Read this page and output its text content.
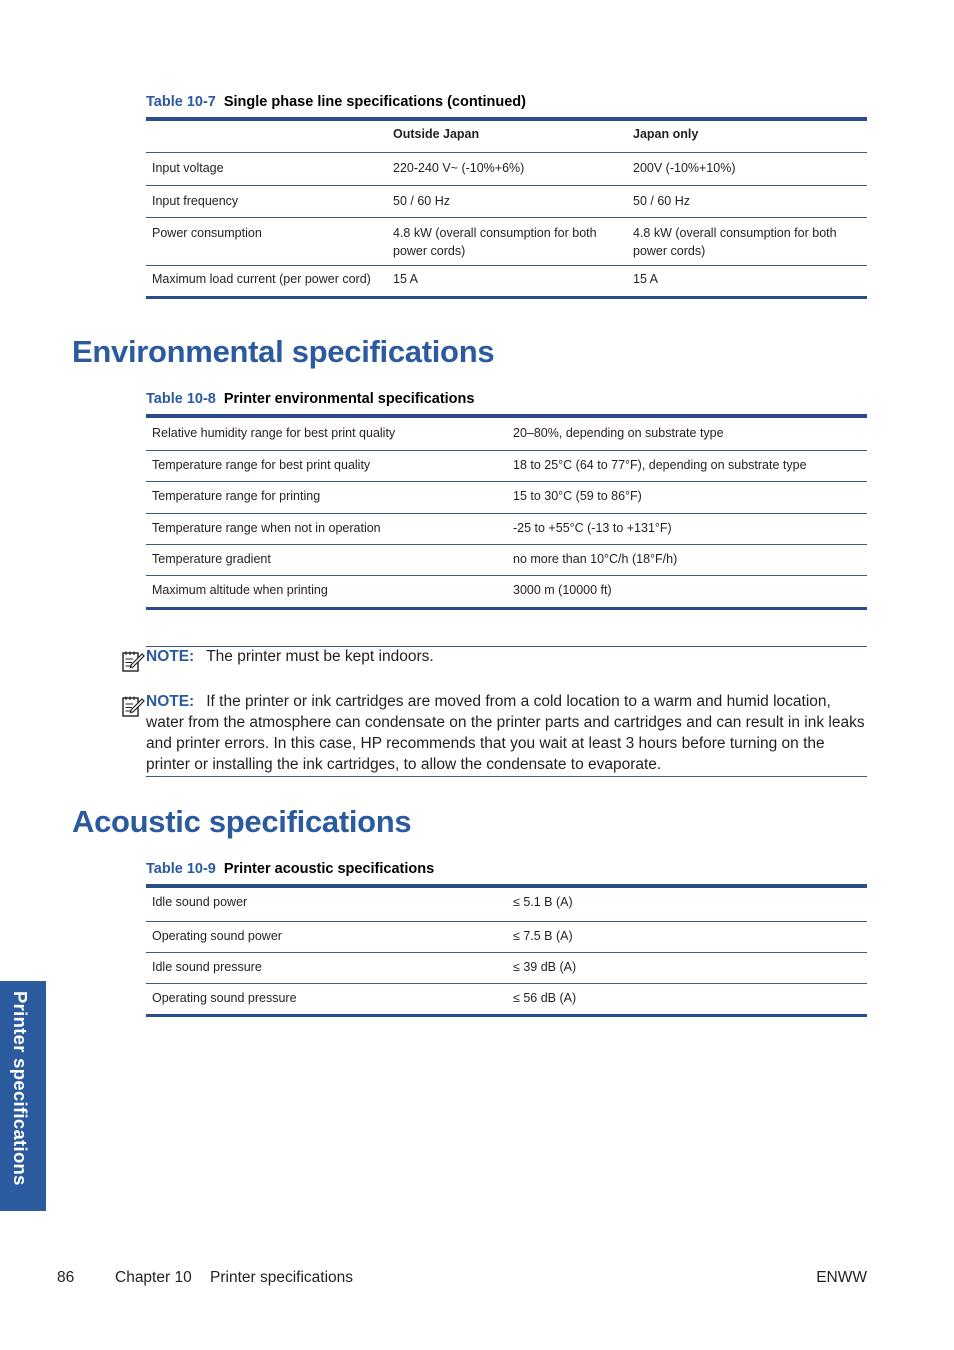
Table 10-7 Single phase line specifications (continued)
	Outside Japan	Japan only
Input voltage	220-240 V~ (-10%+6%)	200V (-10%+10%)
Input frequency	50 / 60 Hz	50 / 60 Hz
Power consumption	4.8 kW (overall consumption for both power cords)	4.8 kW (overall consumption for both power cords)
Maximum load current (per power cord)	15 A	15 A
Environmental specifications
Table 10-8 Printer environmental specifications
Relative humidity range for best print quality	20–80%, depending on substrate type
Temperature range for best print quality	18 to 25°C (64 to 77°F), depending on substrate type
Temperature range for printing	15 to 30°C (59 to 86°F)
Temperature range when not in operation	-25 to +55°C (-13 to +131°F)
Temperature gradient	no more than 10°C/h (18°F/h)
Maximum altitude when printing	3000 m (10000 ft)
NOTE: The printer must be kept indoors.
NOTE: If the printer or ink cartridges are moved from a cold location to a warm and humid location, water from the atmosphere can condensate on the printer parts and cartridges and can result in ink leaks and printer errors. In this case, HP recommends that you wait at least 3 hours before turning on the printer or installing the ink cartridges, to allow the condensate to evaporate.
Acoustic specifications
Table 10-9 Printer acoustic specifications
Idle sound power	≤ 5.1 B (A)
Operating sound power	≤ 7.5 B (A)
Idle sound pressure	≤ 39 dB (A)
Operating sound pressure	≤ 56 dB (A)
Printer specifications
86	Chapter 10 Printer specifications	ENWW
